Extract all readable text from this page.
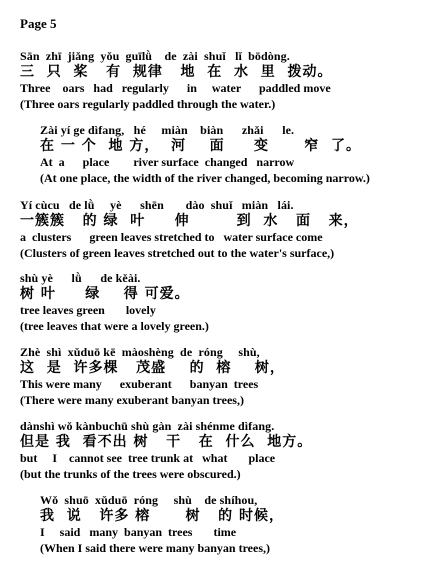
Page 5
Sān  zhī  jiǎng  yǒu  guīlǜ    de  zài  shuǐ   lǐ  bōdòng.
三  只  桨   有  规律   地  在  水  里  拨动。
Three    oars   had   regularly      in     water      paddled move
(Three oars regularly paddled through the water.)
Zài yí ge dìfang,   hé     miàn    biàn      zhǎi      le.
在 一 个  地 方，  河    面     变      窄  了。
At  a      place        river surface  changed   narrow
(At one place, the width of the river changed, becoming narrow.)
Yí cùcu   de lǜ     yè      shēn       dào  shuǐ   miàn   lái.
一簇簇   的 绿  叶     伸        到  水   面   来，
a  clusters      green leaves stretched to   water surface come
(Clusters of green leaves stretched out to the water's surface,)
shù yè      lǜ      de kěài.
树 叶     绿    得 可爱。
tree leaves green       lovely
(tree leaves that were a lovely green.)
Zhè  shì  xǔduō kē  màoshèng  de  róng     shù,
这  是  许多棵   茂盛    的  榕    树，
This were many      exuberant      banyan  trees
(There were many exuberant banyan trees,)
dànshì wǒ kànbuchū shù gàn  zài shénme dìfang.
但是 我  看不出 树   干   在  什么  地方。
but     I    cannot see  tree trunk at   what       place
(but the trunks of the trees were obscured.)
Wǒ  shuō  xǔduō  róng     shù    de shíhou,
我  说   许多 榕      树   的 时候，
I     said   many  banyan  trees       time
(When I said there were many banyan trees,)
